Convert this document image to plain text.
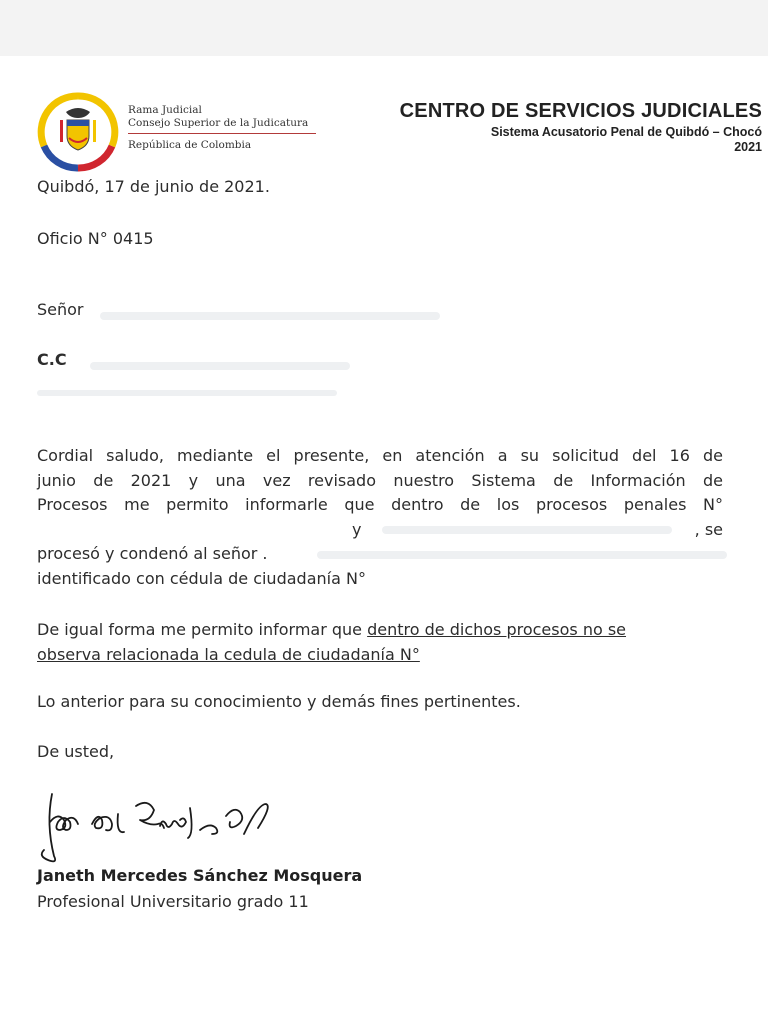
Rama Judicial
Consejo Superior de la Judicatura
República de Colombia
CENTRO DE SERVICIOS JUDICIALES
Sistema Acusatorio Penal de Quibdó – Chocó
2021
Quibdó, 17 de junio de 2021.
Oficio N° 0415
Señor
C.C
Cordial saludo, mediante el presente, en atención a su solicitud del 16 de
junio de 2021 y una vez revisado nuestro Sistema de Información de
Procesos me permito informarle que dentro de los procesos penales N°
y	, se
procesó y condenó al señor .
identificado con cédula de ciudadanía N°
De igual forma me permito informar que dentro de dichos procesos no se
observa relacionada la cedula de ciudadanía N°
Lo anterior para su conocimiento y demás fines pertinentes.
De usted,
Janeth Mercedes Sánchez Mosquera
Profesional Universitario grado 11
